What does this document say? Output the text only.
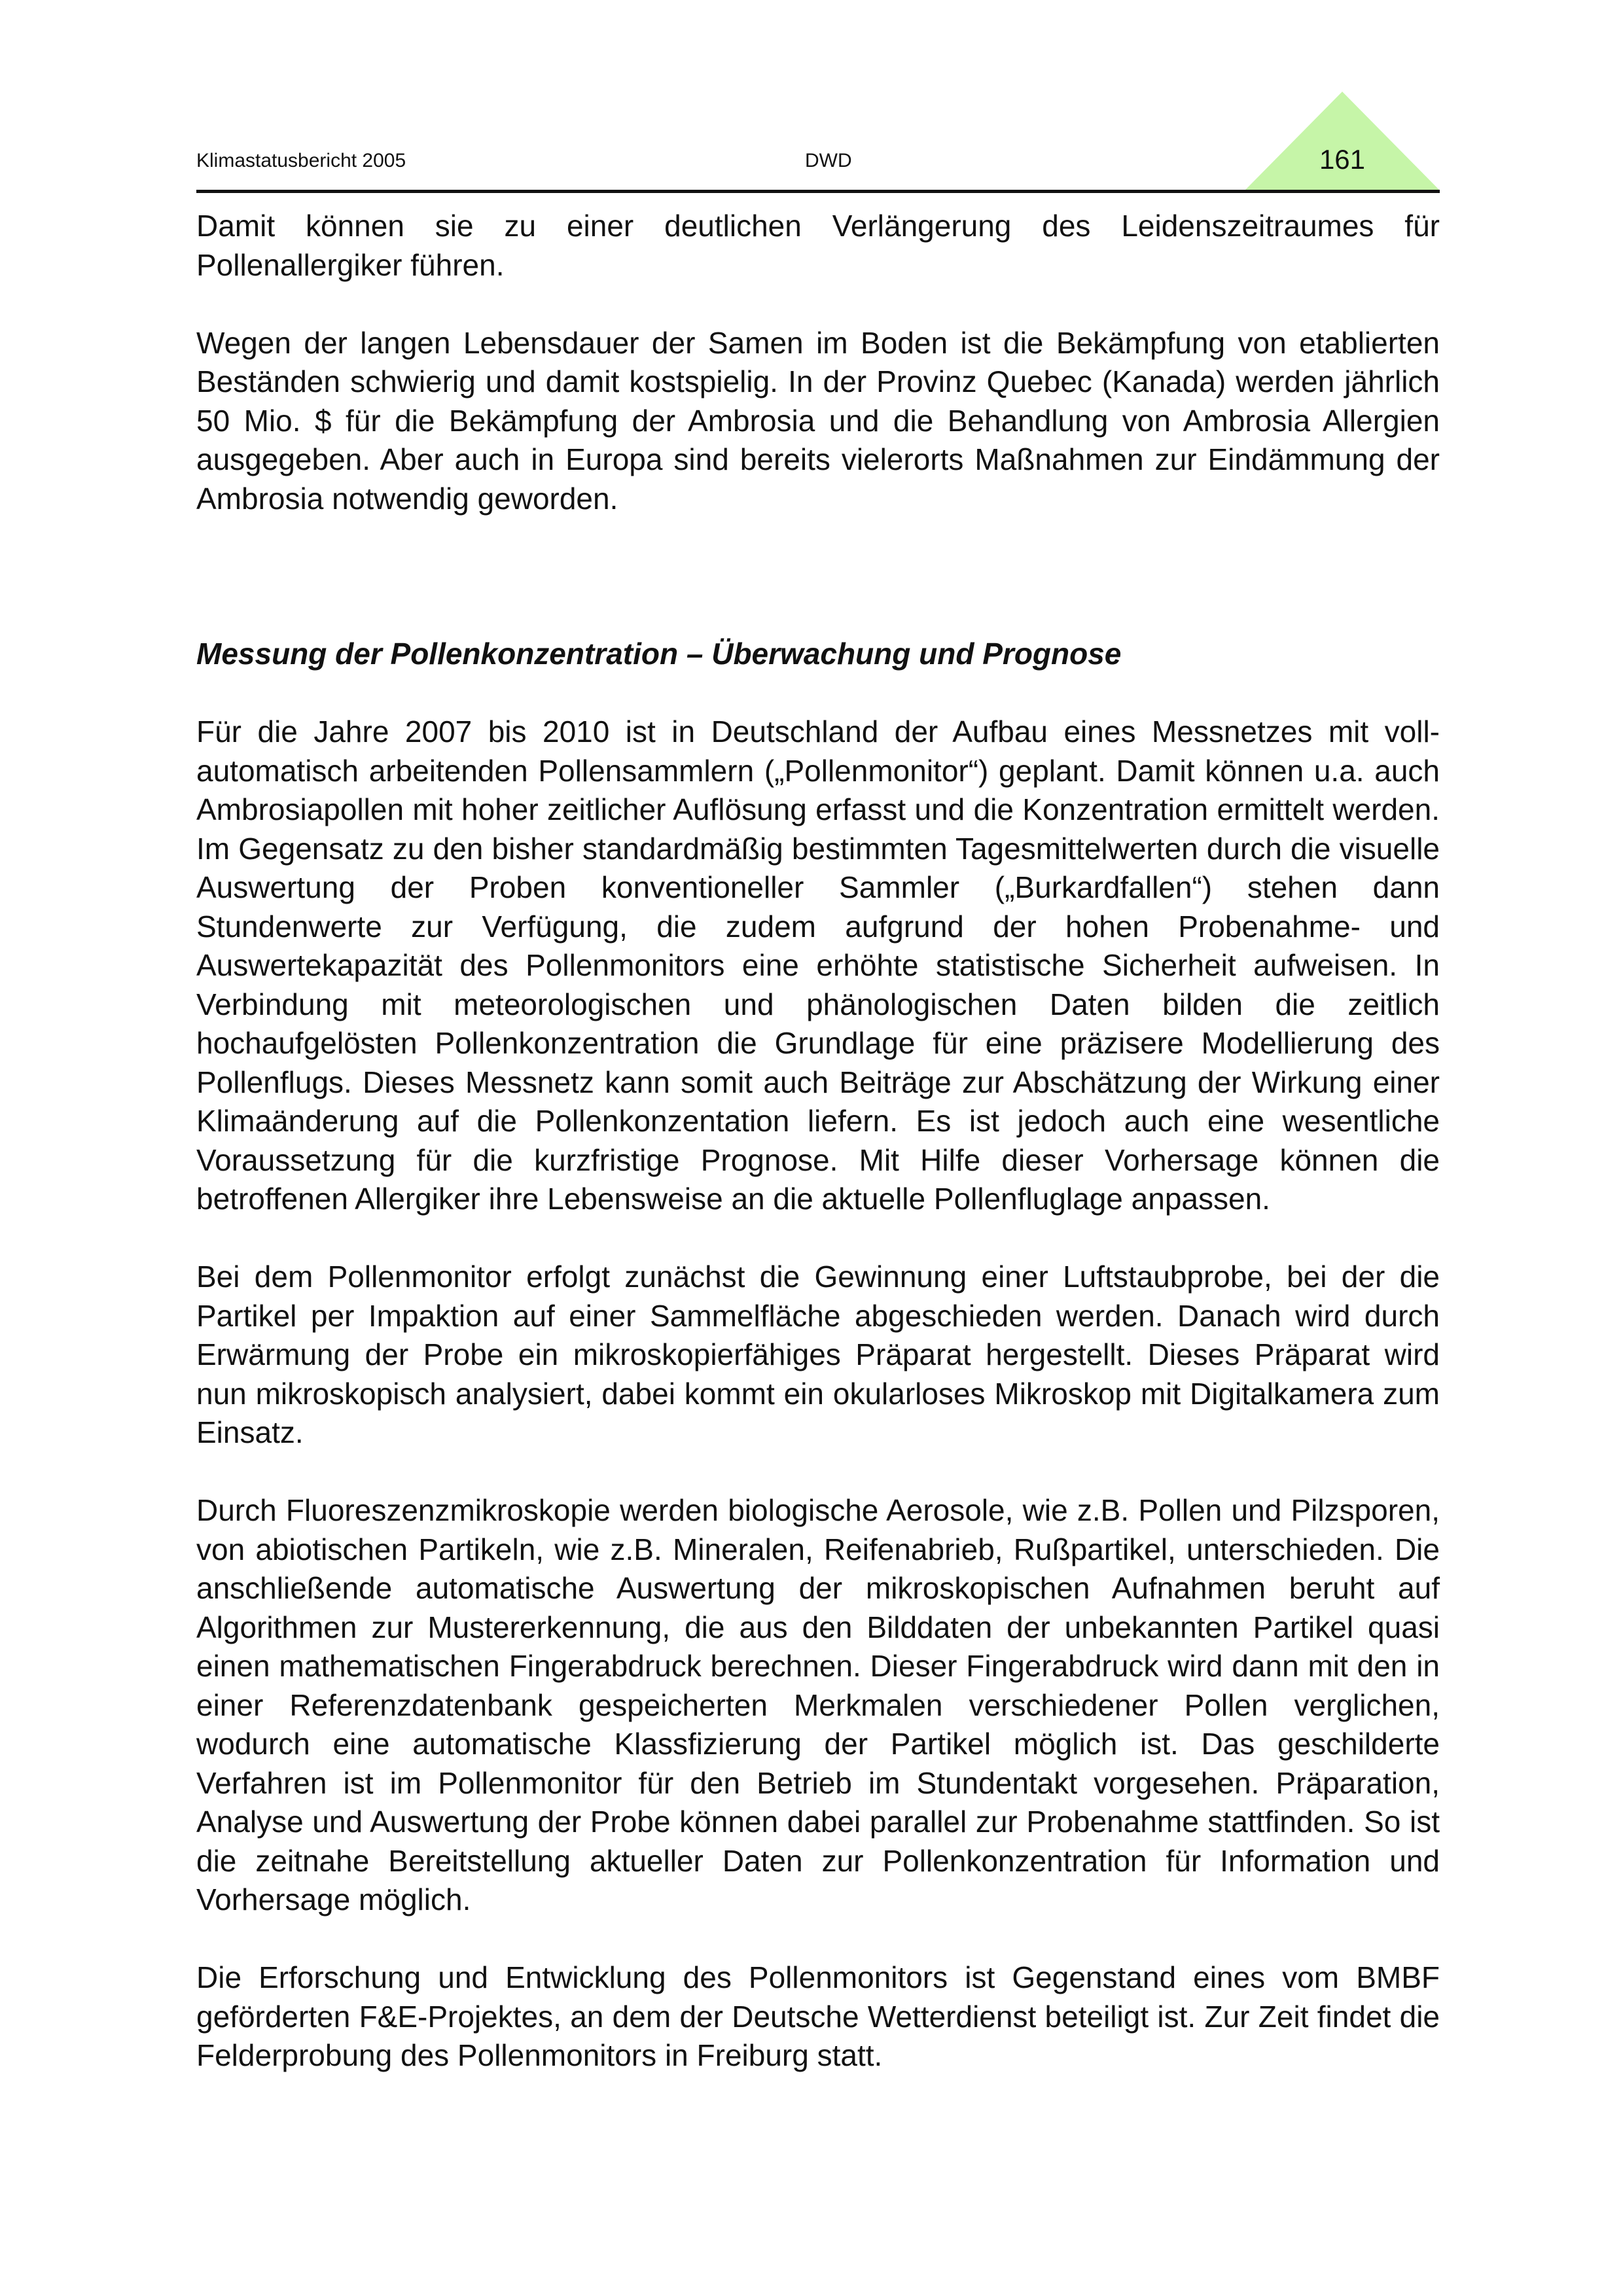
Klimastatusbericht 2005	DWD	161

Damit können sie zu einer deutlichen Verlängerung des Leidenszeitraumes für Pollenallergiker führen.

Wegen der langen Lebensdauer der Samen im Boden ist die Bekämpfung von etablierten Beständen schwierig und damit kostspielig. In der Provinz Quebec (Kanada) werden jährlich 50 Mio. $ für die Bekämpfung der Ambrosia und die Behandlung von Ambrosia Allergien ausgegeben. Aber auch in Europa sind bereits vielerorts Maßnahmen zur Eindämmung der Ambrosia notwendig geworden.

Messung der Pollenkonzentration – Überwachung und Prognose

Für die Jahre 2007 bis 2010 ist in Deutschland der Aufbau eines Messnetzes mit vollautomatisch arbeitenden Pollensammlern („Pollenmonitor“) geplant. Damit können u.a. auch Ambrosiapollen mit hoher zeitlicher Auflösung erfasst und die Konzentration ermittelt werden. Im Gegensatz zu den bisher standardmäßig bestimmten Tagesmittelwerten durch die visuelle Auswertung der Proben konventioneller Sammler („Burkardfallen“) stehen dann Stundenwerte zur Verfügung, die zudem aufgrund der hohen Probenahme- und Auswertekapazität des Pollenmonitors eine erhöhte statistische Sicherheit aufweisen. In Verbindung mit meteorologischen und phänologischen Daten bilden die zeitlich hochaufgelösten Pollenkonzentration die Grundlage für eine präzisere Modellierung des Pollenflugs. Dieses Messnetz kann somit auch Beiträge zur Abschätzung der Wirkung einer Klimaänderung auf die Pollenkonzentation liefern. Es ist jedoch auch eine wesentliche Voraussetzung für die kurzfristige Prognose. Mit Hilfe dieser Vorhersage können die betroffenen Allergiker ihre Lebensweise an die aktuelle Pollenfluglage anpassen.

Bei dem Pollenmonitor erfolgt zunächst die Gewinnung einer Luftstaubprobe, bei der die Partikel per Impaktion auf einer Sammelfläche abgeschieden werden. Danach wird durch Erwärmung der Probe ein mikroskopierfähiges Präparat hergestellt. Dieses Präparat wird nun mikroskopisch analysiert, dabei kommt ein okularloses Mikroskop mit Digitalkamera zum Einsatz.

Durch Fluoreszenzmikroskopie werden biologische Aerosole, wie z.B. Pollen und Pilzsporen, von abiotischen Partikeln, wie z.B. Mineralen, Reifenabrieb, Rußpartikel, unterschieden. Die anschließende automatische Auswertung der mikroskopischen Aufnahmen beruht auf Algorithmen zur Mustererkennung, die aus den Bilddaten der unbekannten Partikel quasi einen mathematischen Fingerabdruck berechnen. Dieser Fingerabdruck wird dann mit den in einer Referenzdatenbank gespeicherten Merkmalen verschiedener Pollen verglichen, wodurch eine automatische Klassfizierung der Partikel möglich ist. Das geschilderte Verfahren ist im Pollenmonitor für den Betrieb im Stundentakt vorgesehen. Präparation, Analyse und Auswertung der Probe können dabei parallel zur Probenahme stattfinden. So ist die zeitnahe Bereitstellung aktueller Daten zur Pollenkonzentration für Information und Vorhersage möglich.

Die Erforschung und Entwicklung des Pollenmonitors ist Gegenstand eines vom BMBF geförderten F&E-Projektes, an dem der Deutsche Wetterdienst beteiligt ist. Zur Zeit findet die Felderprobung des Pollenmonitors in Freiburg statt.
